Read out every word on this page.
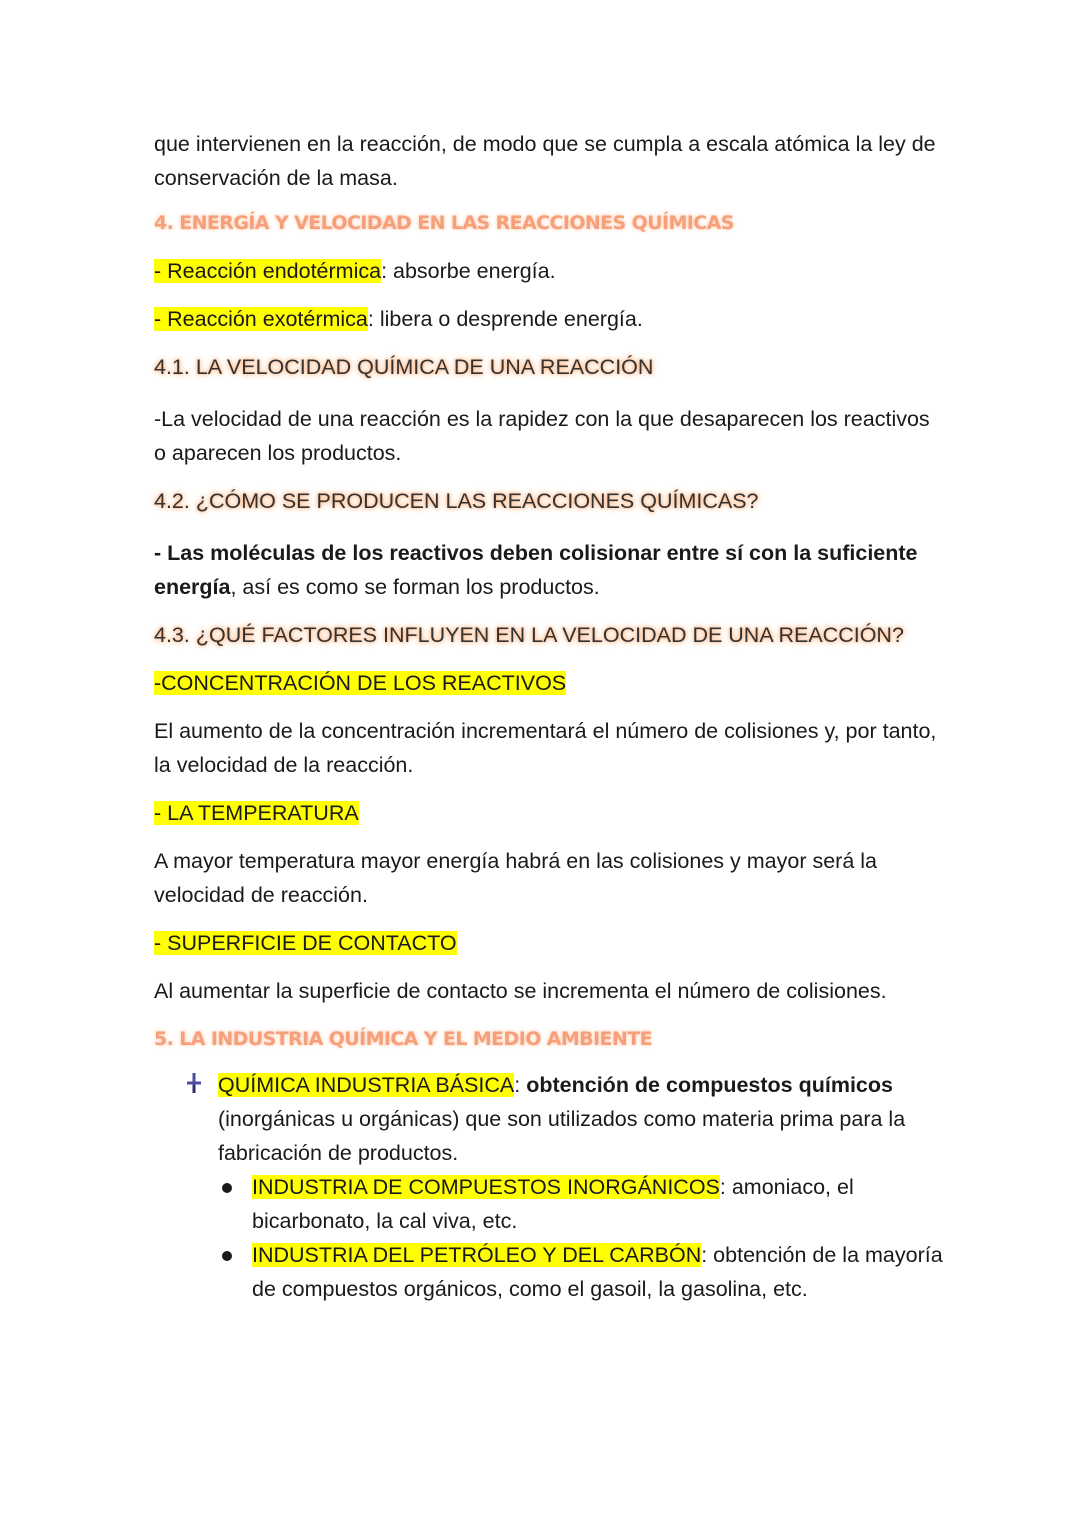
que intervienen en la reacción, de modo que se cumpla a escala atómica la ley de conservación de la masa.

4. ENERGÍA Y VELOCIDAD EN LAS REACCIONES QUÍMICAS

- Reacción endotérmica: absorbe energía.

- Reacción exotérmica: libera o desprende energía.

4.1. LA VELOCIDAD QUÍMICA DE UNA REACCIÓN

-La velocidad de una reacción es la rapidez con la que desaparecen los reactivos o aparecen los productos.

4.2. ¿CÓMO SE PRODUCEN LAS REACCIONES QUÍMICAS?

- Las moléculas de los reactivos deben colisionar entre sí con la suficiente energía, así es como se forman los productos.

4.3. ¿QUÉ FACTORES INFLUYEN EN LA VELOCIDAD DE UNA REACCIÓN?

-CONCENTRACIÓN DE LOS REACTIVOS

El aumento de la concentración incrementará el número de colisiones y, por tanto, la velocidad de la reacción.

- LA TEMPERATURA

A mayor temperatura mayor energía habrá en las colisiones y mayor será la velocidad de reacción.

- SUPERFICIE DE CONTACTO

Al aumentar la superficie de contacto se incrementa el número de colisiones.

5. LA INDUSTRIA QUÍMICA Y EL MEDIO AMBIENTE

QUÍMICA INDUSTRIA BÁSICA: obtención de compuestos químicos (inorgánicas u orgánicas) que son utilizados como materia prima para la fabricación de productos.
INDUSTRIA DE COMPUESTOS INORGÁNICOS: amoniaco, el bicarbonato, la cal viva, etc.
INDUSTRIA DEL PETRÓLEO Y DEL CARBÓN: obtención de la mayoría de compuestos orgánicos, como el gasoil, la gasolina, etc.
